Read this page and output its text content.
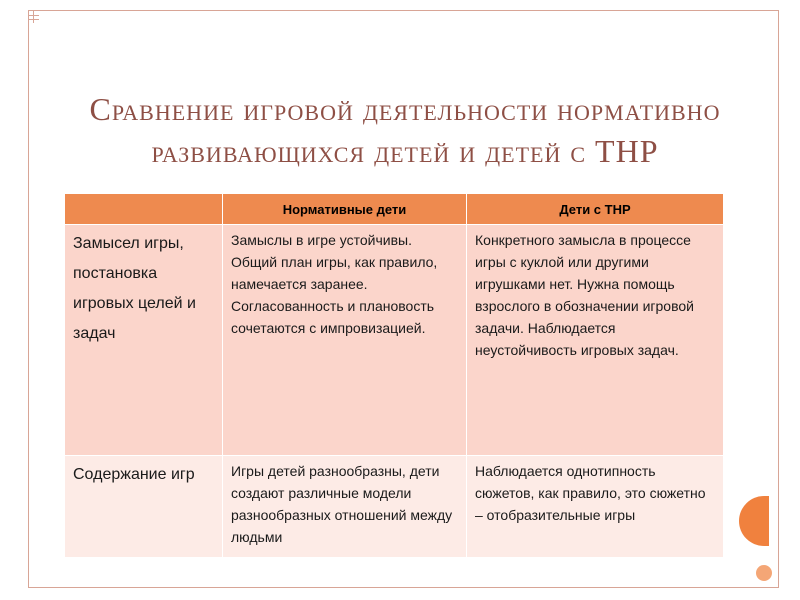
Сравнение игровой деятельности нормативно
развивающихся детей и детей с ТНР
	Нормативные дети	Дети с ТНР
Замысел игры, постановка игровых целей и задач	Замыслы в игре устойчивы. Общий план игры, как правило, намечается заранее. Согласованность и плановость сочетаются с импровизацией.	Конкретного замысла в процессе игры с куклой или другими игрушками нет. Нужна помощь взрослого в обозначении игровой задачи. Наблюдается неустойчивость игровых задач.
Содержание игр	Игры детей разнообразны, дети создают различные модели разнообразных отношений между людьми	Наблюдается однотипность сюжетов, как правило, это сюжетно – отобразительные игры
